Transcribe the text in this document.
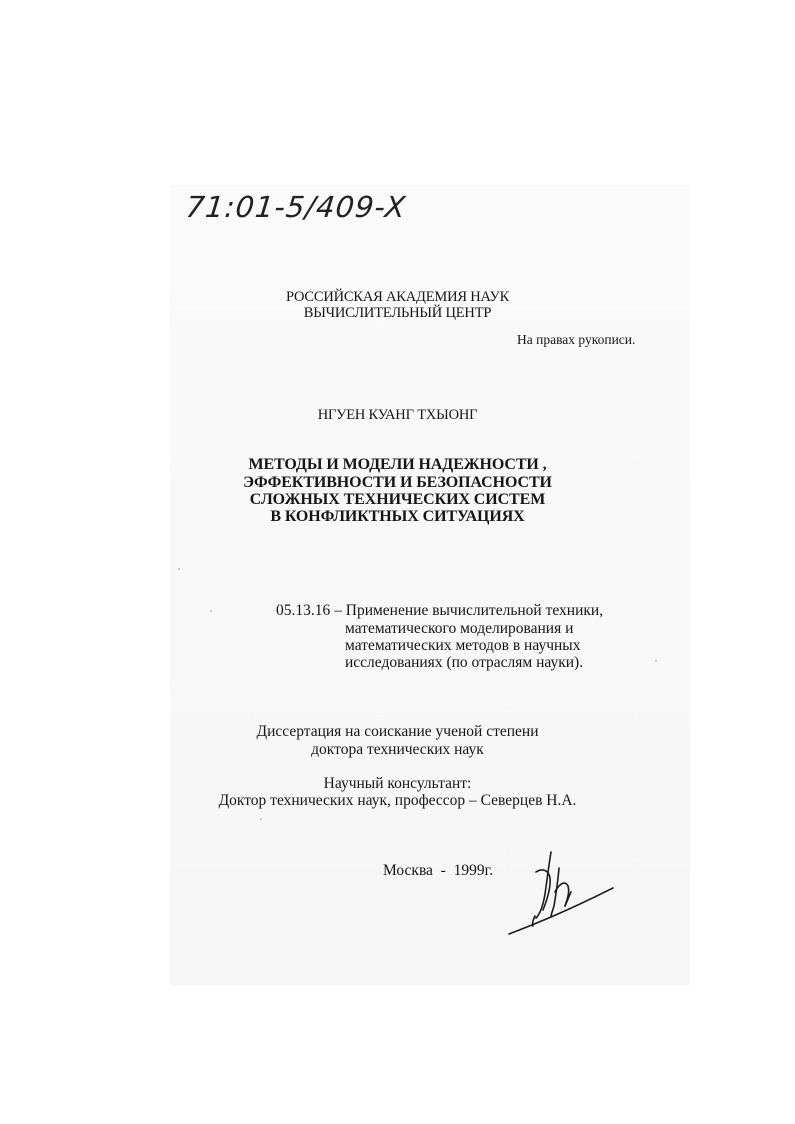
71:01-5/409-X
РОССИЙСКАЯ АКАДЕМИЯ НАУК
ВЫЧИСЛИТЕЛЬНЫЙ ЦЕНТР
На правах рукописи.
НГУЕН КУАНГ ТХЫОНГ
МЕТОДЫ И МОДЕЛИ НАДЕЖНОСТИ ,
ЭФФЕКТИВНОСТИ И БЕЗОПАСНОСТИ
СЛОЖНЫХ ТЕХНИЧЕСКИХ СИСТЕМ
В КОНФЛИКТНЫХ СИТУАЦИЯХ
05.13.16 – Применение вычислительной техники,
математического моделирования и
математических методов в научных
исследованиях (по отраслям науки).
Диссертация на соискание ученой степени
доктора технических наук
Научный консультант:
Доктор технических наук, профессор – Северцев Н.А.
Москва  -  1999г.
